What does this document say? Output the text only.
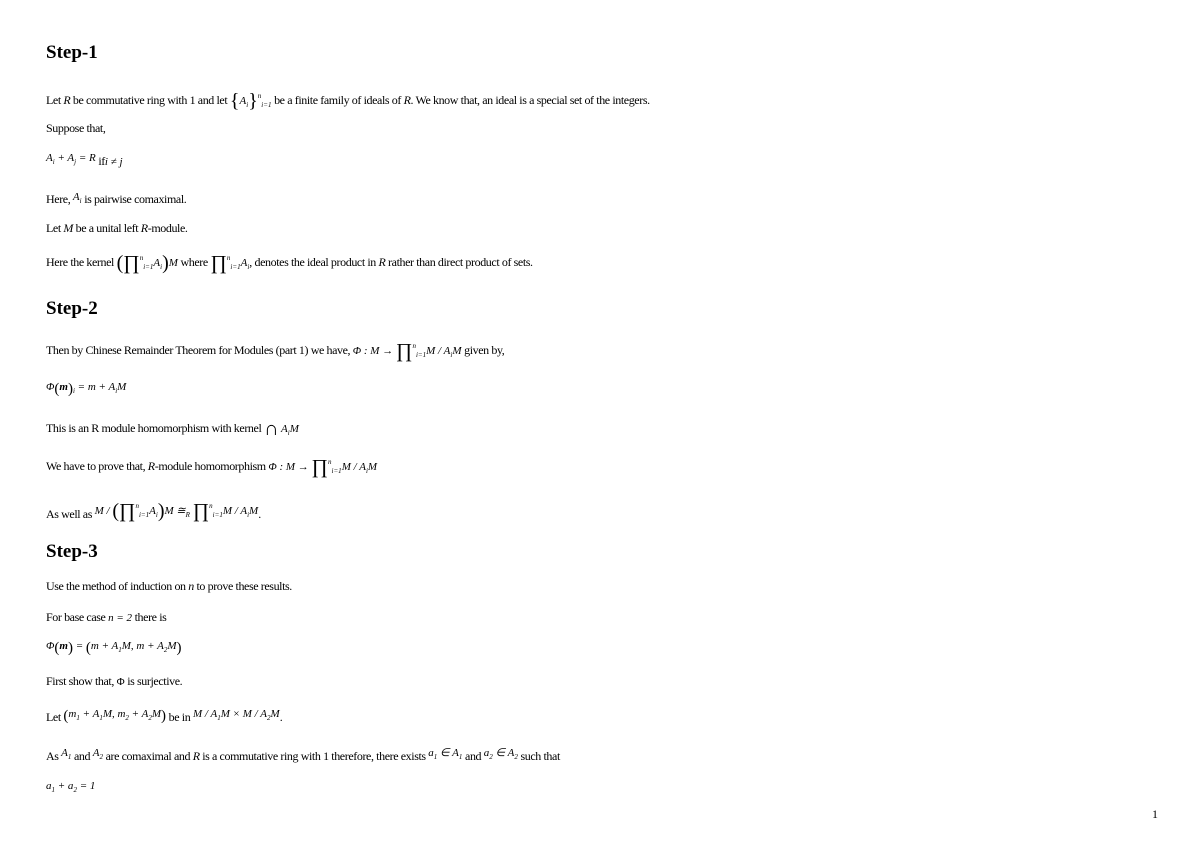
Step-1
Let R be commutative ring with 1 and let $\{A_i\}^n_{i=1}$ be a finite family of ideals of R. We know that, an ideal is a special set of the integers.
Suppose that,
$A_i + A_j = R$ ifi ≠ j
Here, $A_i$ is pairwise comaximal.
Let M be a unital left R-module.
Here the kernel $(\prod^n_{i=1}A_i)M$ where $\prod^n_{i=1}A_i$, denotes the ideal product in R rather than direct product of sets.
Step-2
Then by Chinese Remainder Theorem for Modules (part 1) we have, Φ : M → ∏$^n_{i=1}$M / $A_iM$ given by,
$\Phi(m)_i = m + A_iM$
This is an R module homomorphism with kernel ∩ $A_iM$
We have to prove that, R-module homomorphism Φ : M → ∏$^n_{i=1}$M / $A_iM$
As well as M / $(\prod^n_{i=1}A_i)M$ $≅_R$ ∏$^n_{i=1}$M / $A_iM$.
Step-3
Use the method of induction on n to prove these results.
For base case n = 2 there is
$\Phi(m) = (m + A_1M$, $m + A_2M$)
First show that, Φ is surjective.
Let ($m_1 + A_1M$, $m_2 + A_2M$) be in $M / A_1M \times M / A_2M$.
As $A_1$ and $A_2$ are comaximal and R is a commutative ring with 1 therefore, there exists $a_1$ ∈ $A_1$ and $a_2$ ∈ $A_2$ such that
$a_1 + a_2 = 1$
1
